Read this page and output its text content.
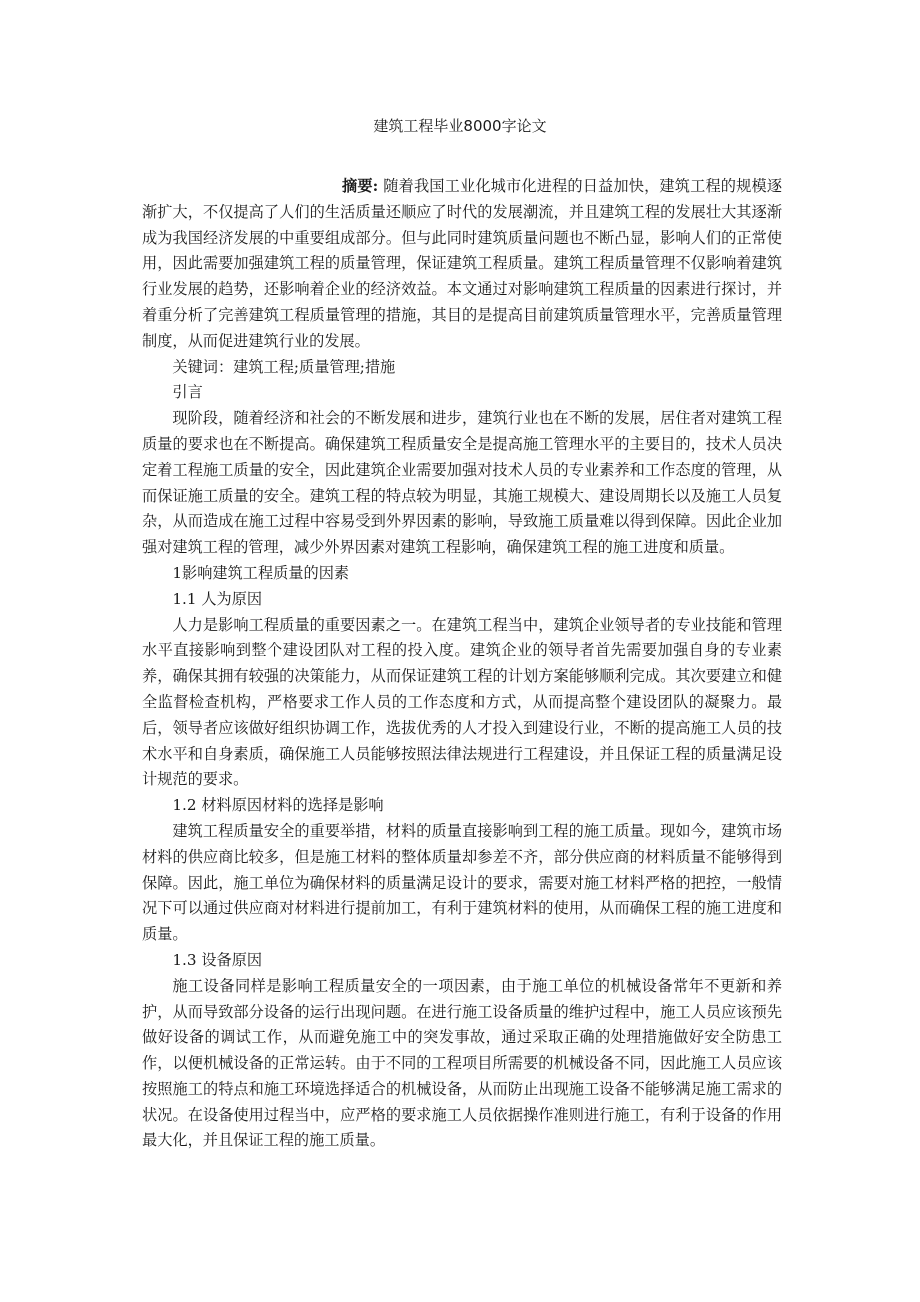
建筑工程毕业8000字论文

摘要: 随着我国工业化城市化进程的日益加快，建筑工程的规模逐渐扩大，不仅提高了人们的生活质量还顺应了时代的发展潮流，并且建筑工程的发展壮大其逐渐成为我国经济发展的中重要组成部分。但与此同时建筑质量问题也不断凸显，影响人们的正常使用，因此需要加强建筑工程的质量管理，保证建筑工程质量。建筑工程质量管理不仅影响着建筑行业发展的趋势，还影响着企业的经济效益。本文通过对影响建筑工程质量的因素进行探讨，并着重分析了完善建筑工程质量管理的措施，其目的是提高目前建筑质量管理水平，完善质量管理制度，从而促进建筑行业的发展。

关键词：建筑工程;质量管理;措施

引言

现阶段，随着经济和社会的不断发展和进步，建筑行业也在不断的发展，居住者对建筑工程质量的要求也在不断提高。确保建筑工程质量安全是提高施工管理水平的主要目的，技术人员决定着工程施工质量的安全，因此建筑企业需要加强对技术人员的专业素养和工作态度的管理，从而保证施工质量的安全。建筑工程的特点较为明显，其施工规模大、建设周期长以及施工人员复杂，从而造成在施工过程中容易受到外界因素的影响，导致施工质量难以得到保障。因此企业加强对建筑工程的管理，减少外界因素对建筑工程影响，确保建筑工程的施工进度和质量。

1影响建筑工程质量的因素

1.1 人为原因

人力是影响工程质量的重要因素之一。在建筑工程当中，建筑企业领导者的专业技能和管理水平直接影响到整个建设团队对工程的投入度。建筑企业的领导者首先需要加强自身的专业素养，确保其拥有较强的决策能力，从而保证建筑工程的计划方案能够顺利完成。其次要建立和健全监督检查机构，严格要求工作人员的工作态度和方式，从而提高整个建设团队的凝聚力。最后，领导者应该做好组织协调工作，选拔优秀的人才投入到建设行业，不断的提高施工人员的技术水平和自身素质，确保施工人员能够按照法律法规进行工程建设，并且保证工程的质量满足设计规范的要求。

1.2 材料原因材料的选择是影响

建筑工程质量安全的重要举措，材料的质量直接影响到工程的施工质量。现如今，建筑市场材料的供应商比较多，但是施工材料的整体质量却参差不齐，部分供应商的材料质量不能够得到保障。因此，施工单位为确保材料的质量满足设计的要求，需要对施工材料严格的把控，一般情况下可以通过供应商对材料进行提前加工，有利于建筑材料的使用，从而确保工程的施工进度和质量。

1.3 设备原因

施工设备同样是影响工程质量安全的一项因素，由于施工单位的机械设备常年不更新和养护，从而导致部分设备的运行出现问题。在进行施工设备质量的维护过程中，施工人员应该预先做好设备的调试工作，从而避免施工中的突发事故，通过采取正确的处理措施做好安全防患工作，以便机械设备的正常运转。由于不同的工程项目所需要的机械设备不同，因此施工人员应该按照施工的特点和施工环境选择适合的机械设备，从而防止出现施工设备不能够满足施工需求的状况。在设备使用过程当中，应严格的要求施工人员依据操作准则进行施工，有利于设备的作用最大化，并且保证工程的施工质量。
